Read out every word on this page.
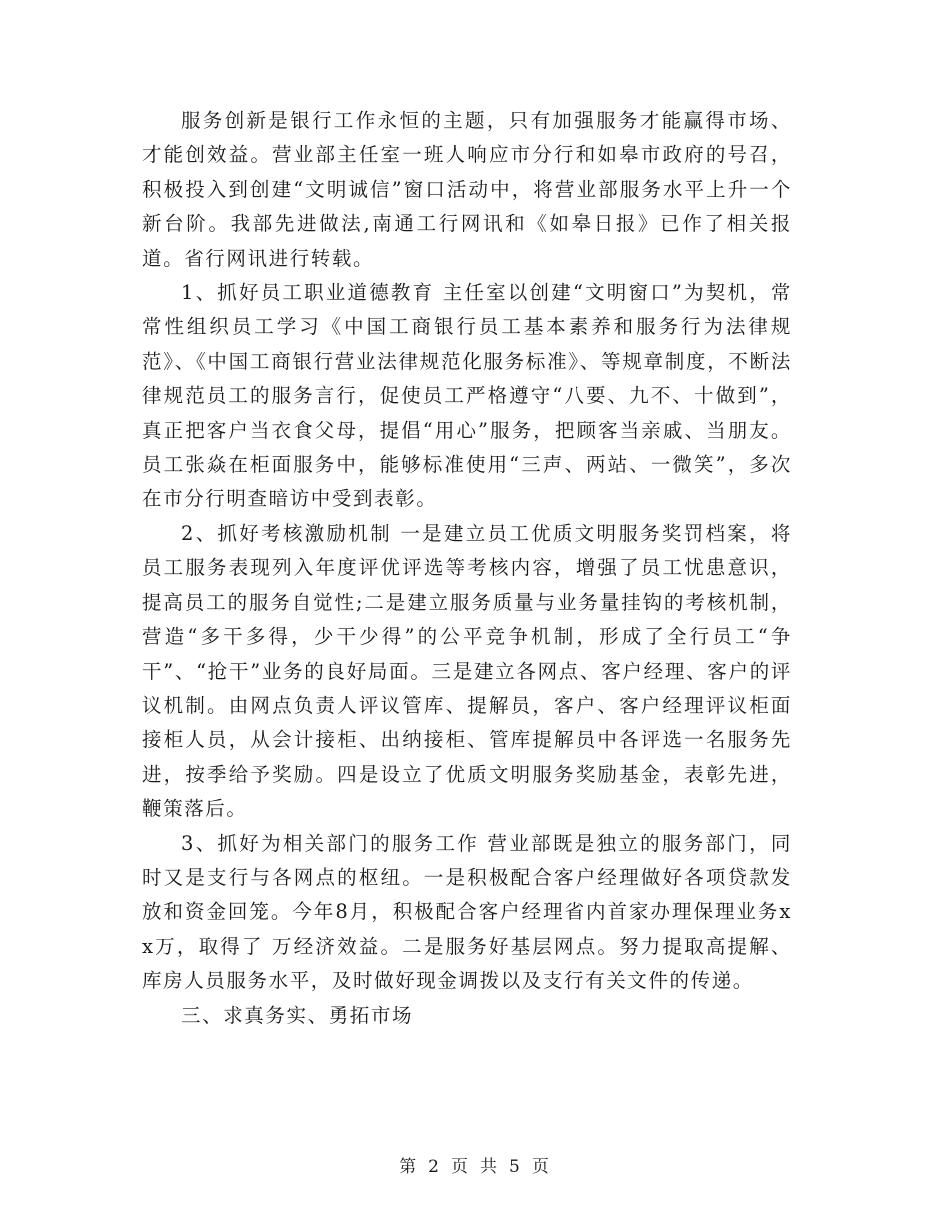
服务创新是银行工作永恒的主题，只有加强服务才能赢得市场、才能创效益。营业部主任室一班人响应市分行和如皋市政府的号召，积极投入到创建“文明诚信”窗口活动中，将营业部服务水平上升一个新台阶。我部先进做法,南通工行网讯和《如皋日报》已作了相关报道。省行网讯进行转载。

1、抓好员工职业道德教育 主任室以创建“文明窗口”为契机，常常性组织员工学习《中国工商银行员工基本素养和服务行为法律规范》、《中国工商银行营业法律规范化服务标准》、等规章制度，不断法律规范员工的服务言行，促使员工严格遵守“八要、九不、十做到”，真正把客户当衣食父母，提倡“用心”服务，把顾客当亲戚、当朋友。员工张焱在柜面服务中，能够标准使用“三声、两站、一微笑”，多次在市分行明查暗访中受到表彰。

2、抓好考核激励机制 一是建立员工优质文明服务奖罚档案，将员工服务表现列入年度评优评选等考核内容，增强了员工忧患意识，提高员工的服务自觉性;二是建立服务质量与业务量挂钩的考核机制，营造“多干多得，少干少得”的公平竞争机制，形成了全行员工“争干”、“抢干”业务的良好局面。三是建立各网点、客户经理、客户的评议机制。由网点负责人评议管库、提解员，客户、客户经理评议柜面接柜人员，从会计接柜、出纳接柜、管库提解员中各评选一名服务先进，按季给予奖励。四是设立了优质文明服务奖励基金，表彰先进，鞭策落后。

3、抓好为相关部门的服务工作 营业部既是独立的服务部门，同时又是支行与各网点的枢纽。一是积极配合客户经理做好各项贷款发放和资金回笼。今年8月，积极配合客户经理省内首家办理保理业务xx万，取得了 万经济效益。二是服务好基层网点。努力提取高提解、库房人员服务水平，及时做好现金调拨以及支行有关文件的传递。

三、求真务实、勇拓市场

第 2 页 共 5 页
